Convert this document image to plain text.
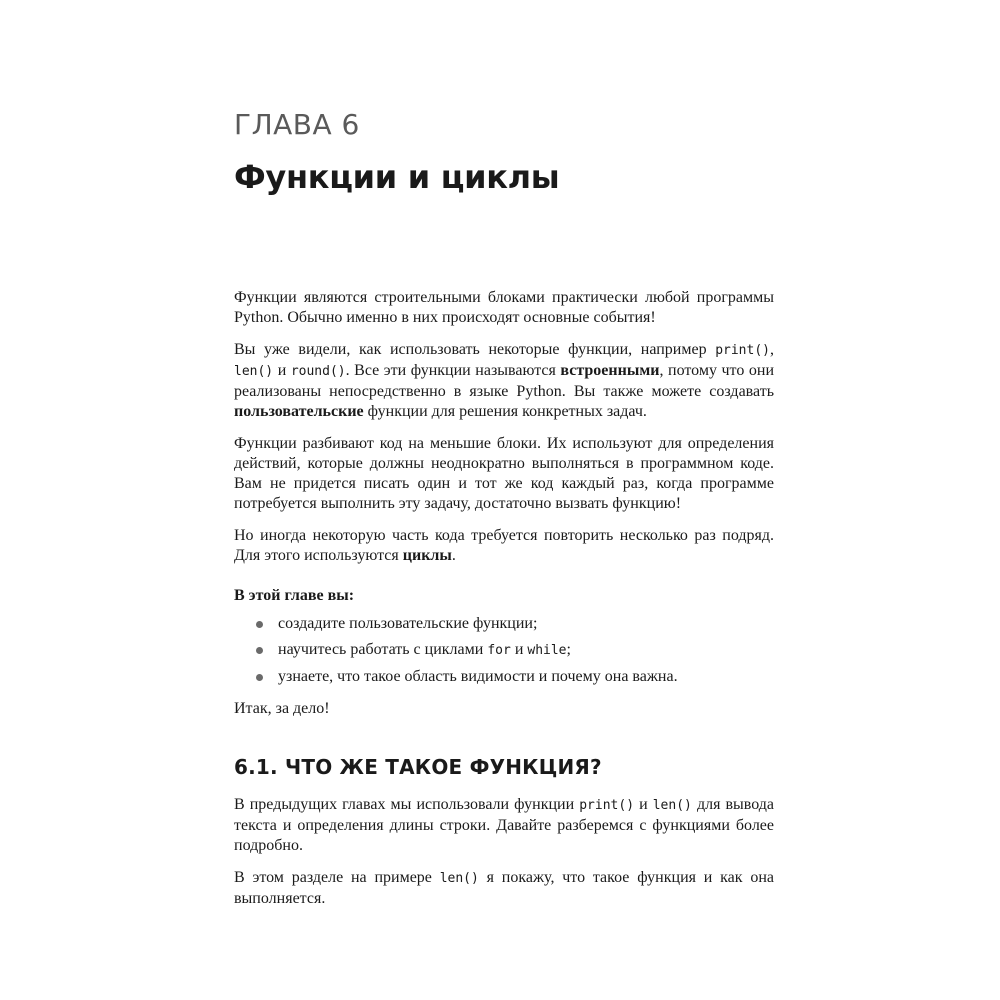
ГЛАВА 6
Функции и циклы

Функции являются строительными блоками практически любой программы Python. Обычно именно в них происходят основные события!

Вы уже видели, как использовать некоторые функции, например print(), len() и round(). Все эти функции называются встроенными, потому что они реализованы непосредственно в языке Python. Вы также можете создавать пользовательские функции для решения конкретных задач.

Функции разбивают код на меньшие блоки. Их используют для определения действий, которые должны неоднократно выполняться в программном коде. Вам не придется писать один и тот же код каждый раз, когда программе потребуется выполнить эту задачу, достаточно вызвать функцию!

Но иногда некоторую часть кода требуется повторить несколько раз подряд. Для этого используются циклы.

В этой главе вы:
создадите пользовательские функции;
научитесь работать с циклами for и while;
узнаете, что такое область видимости и почему она важна.

Итак, за дело!

6.1. ЧТО ЖЕ ТАКОЕ ФУНКЦИЯ?

В предыдущих главах мы использовали функции print() и len() для вывода текста и определения длины строки. Давайте разберемся с функциями более подробно.

В этом разделе на примере len() я покажу, что такое функция и как она выполняется.
